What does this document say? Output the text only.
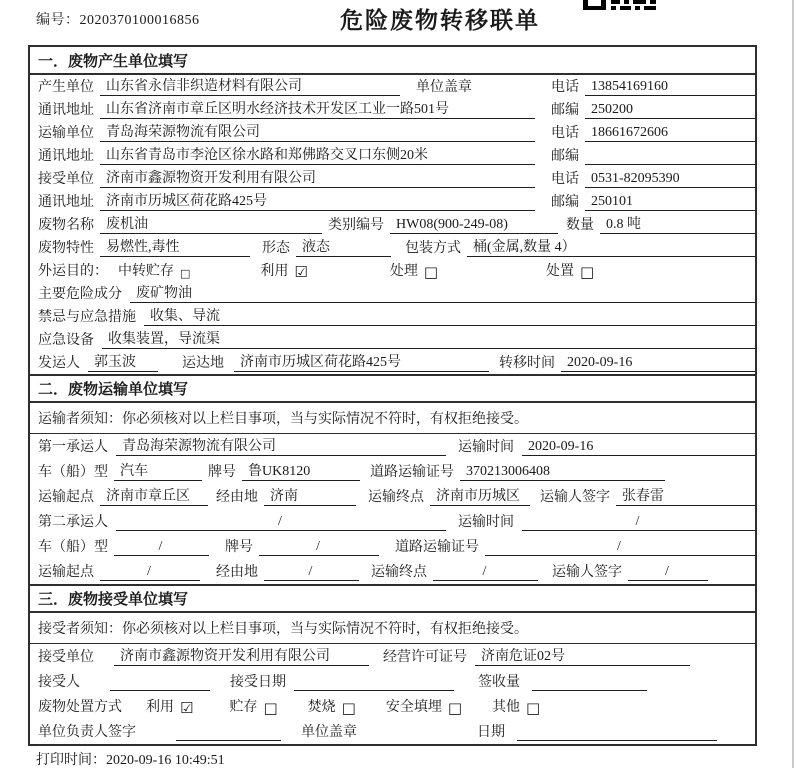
编号：2020370100016856	危险废物转移联单
一．废物产生单位填写
产生单位 山东省永信非织造材料有限公司	单位盖章	电话 13854169160
通讯地址 山东省济南市章丘区明水经济技术开发区工业一路501号	邮编 250200
运输单位 青岛海荣源物流有限公司	电话 18661672606
通讯地址 山东省青岛市李沧区徐水路和郑佛路交叉口东侧20米	邮编
接受单位 济南市鑫源物资开发利用有限公司	电话 0531-82095390
通讯地址 济南市历城区荷花路425号	邮编 250101
废物名称 废机油	类别编号 HW08(900-249-08)	数量 0.8 吨
废物特性 易燃性,毒性	形态 液态	包装方式 桶(金属,数量 4）
外运目的： 中转贮存 □	利用 ☑	处理 □	处置 □
主要危险成分	废矿物油
禁忌与应急措施	收集、导流
应急设备	收集装置，导流渠
发运人	郭玉波	运达地	济南市历城区荷花路425号	转移时间 2020-09-16
二．废物运输单位填写
运输者须知：你必须核对以上栏目事项，当与实际情况不符时，有权拒绝接受。
第一承运人	青岛海荣源物流有限公司	运输时间	2020-09-16
车（船）型 汽车	牌号 鲁UK8120	道路运输证号 370213006408
运输起点 济南市章丘区	经由地 济南	运输终点 济南市历城区	运输人签字 张春雷
第二承运人	/	运输时间	/
车（船）型	/	牌号	/	道路运输证号	/
运输起点	/	经由地	/	运输终点	/	运输人签字	/
三．废物接受单位填写
接受者须知：你必须核对以上栏目事项，当与实际情况不符时，有权拒绝接受。
接受单位	济南市鑫源物资开发利用有限公司	经营许可证号	济南危证02号
接受人	接受日期	签收量
废物处置方式 利用 ☑	贮存 □ 焚烧 □ 安全填埋 □ 其他 □
单位负责人签字	单位盖章	日期
打印时间：2020-09-16 10:49:51
